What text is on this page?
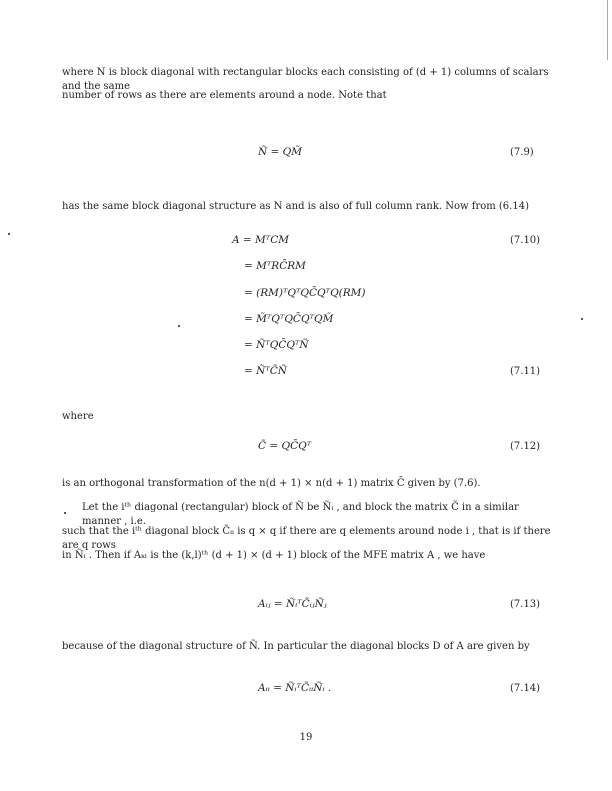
where N is block diagonal with rectangular blocks each consisting of (d + 1) columns of scalars and the same
number of rows as there are elements around a node. Note that
Ñ = QM̃	(7.9)
has the same block diagonal structure as N and is also of full column rank. Now from (6.14)
A = MᵀCM	(7.10)
= MᵀRC̄RM
= (RM)ᵀQᵀQC̄QᵀQ(RM)
= M̃ᵀQᵀQC̄QᵀQM̃
= ÑᵀQC̄QᵀÑ
= ÑᵀC̃Ñ	(7.11)
where
C̃ = QC̄Qᵀ	(7.12)
is an orthogonal transformation of the n(d + 1) × n(d + 1) matrix C̄ given by (7.6).
Let the iᵗʰ diagonal (rectangular) block of Ñ be Ñᵢ , and block the matrix C̃ in a similar manner , i.e.
such that the iᵗʰ diagonal block C̃ᵢᵢ is q × q if there are q elements around node i , that is if there are q rows
in Ñᵢ . Then if Aₖₗ is the (k,l)ᵗʰ (d + 1) × (d + 1) block of the MFE matrix A , we have
Aᵢⱼ = ÑᵢᵀC̃ᵢⱼÑⱼ	(7.13)
because of the diagonal structure of Ñ. In particular the diagonal blocks D of A are given by
Aᵢᵢ = ÑᵢᵀC̃ᵢᵢÑᵢ .	(7.14)
19
